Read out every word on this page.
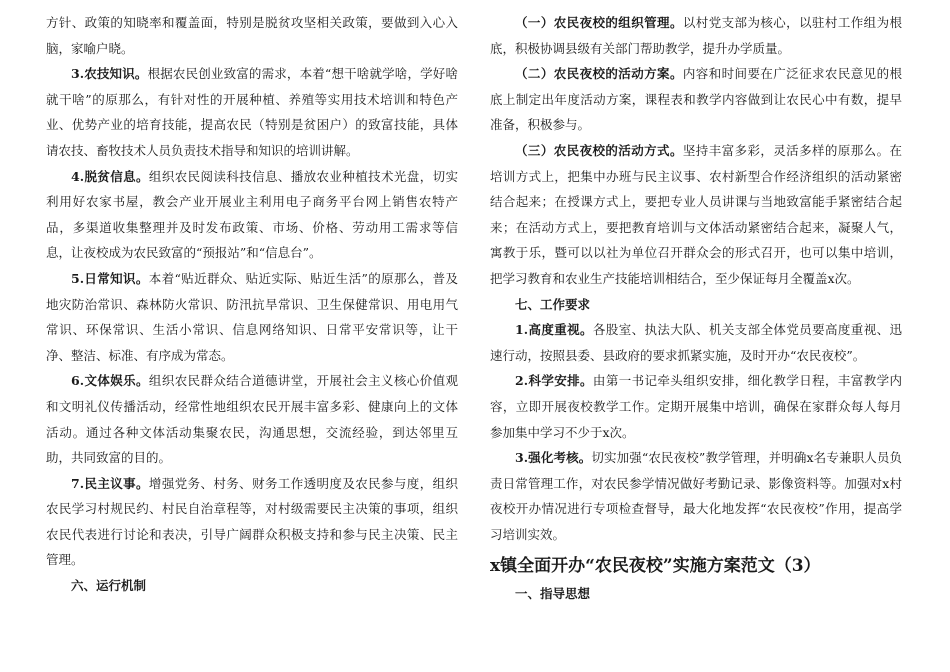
方针、政策的知晓率和覆盖面，特别是脱贫攻坚相关政策，要做到入心入脑，家喻户晓。

3.农技知识。根据农民创业致富的需求，本着“想干啥就学啥，学好啥就干啥”的原那么，有针对性的开展种植、养殖等实用技术培训和特色产业、优势产业的培育技能，提高农民（特别是贫困户）的致富技能，具体请农技、畜牧技术人员负责技术指导和知识的培训讲解。

4.脱贫信息。组织农民阅读科技信息、播放农业种植技术光盘，切实利用好农家书屋，教会产业开展业主利用电子商务平台网上销售农特产品，多渠道收集整理并及时发布政策、市场、价格、劳动用工需求等信息，让夜校成为农民致富的“预报站”和“信息台”。

5.日常知识。本着“贴近群众、贴近实际、贴近生活”的原那么，普及地灾防治常识、森林防火常识、防汛抗旱常识、卫生保健常识、用电用气常识、环保常识、生活小常识、信息网络知识、日常平安常识等，让干净、整洁、标准、有序成为常态。

6.文体娱乐。组织农民群众结合道德讲堂，开展社会主义核心价值观和文明礼仪传播活动，经常性地组织农民开展丰富多彩、健康向上的文体活动。通过各种文体活动集聚农民，沟通思想，交流经验，到达邻里互助，共同致富的目的。

7.民主议事。增强党务、村务、财务工作透明度及农民参与度，组织农民学习村规民约、村民自治章程等，对村级需要民主决策的事项，组织农民代表进行讨论和表决，引导广阔群众积极支持和参与民主决策、民主管理。

六、运行机制

（一）农民夜校的组织管理。以村党支部为核心，以驻村工作组为根底，积极协调县级有关部门帮助教学，提升办学质量。

（二）农民夜校的活动方案。内容和时间要在广泛征求农民意见的根底上制定出年度活动方案，课程表和教学内容做到让农民心中有数，提早准备，积极参与。

（三）农民夜校的活动方式。坚持丰富多彩，灵活多样的原那么。在培训方式上，把集中办班与民主议事、农村新型合作经济组织的活动紧密结合起来；在授课方式上，要把专业人员讲课与当地致富能手紧密结合起来；在活动方式上，要把教育培训与文体活动紧密结合起来，凝聚人气，寓教于乐，暨可以以社为单位召开群众会的形式召开，也可以集中培训，把学习教育和农业生产技能培训相结合，至少保证每月全覆盖x次。

七、工作要求

1.高度重视。各股室、执法大队、机关支部全体党员要高度重视、迅速行动，按照县委、县政府的要求抓紧实施，及时开办“农民夜校”。

2.科学安排。由第一书记牵头组织安排，细化教学日程，丰富教学内容，立即开展夜校教学工作。定期开展集中培训，确保在家群众每人每月参加集中学习不少于x次。

3.强化考核。切实加强“农民夜校”教学管理，并明确x名专兼职人员负责日常管理工作，对农民参学情况做好考勤记录、影像资料等。加强对x村夜校开办情况进行专项检查督导，最大化地发挥“农民夜校”作用，提高学习培训实效。

x镇全面开办“农民夜校”实施方案范文（3）

一、指导思想
